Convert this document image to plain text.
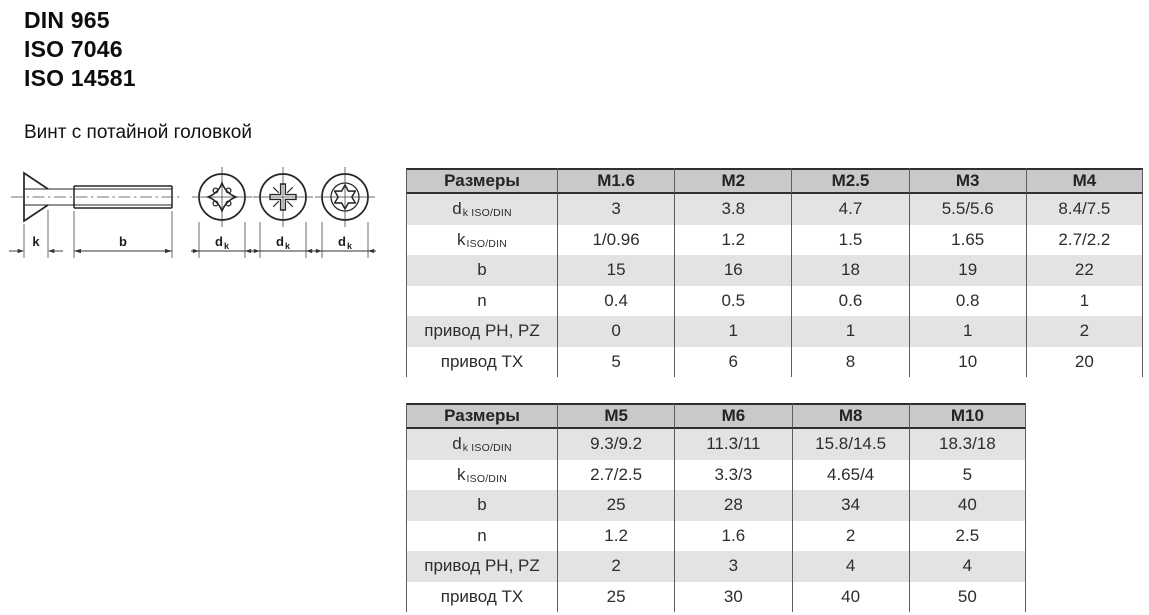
DIN 965
ISO 7046
ISO 14581
Винт с потайной головкой
k	b	d k	d k	d k
Размеры	M1.6	M2	M2.5	M3	M4
d k ISO/DIN	3	3.8	4.7	5.5/5.6	8.4/7.5
k ISO/DIN	1/0.96	1.2	1.5	1.65	2.7/2.2
b	15	16	18	19	22
n	0.4	0.5	0.6	0.8	1
привод PH, PZ	0	1	1	1	2
привод TX	5	6	8	10	20
Размеры	M5	M6	M8	M10
d k ISO/DIN	9.3/9.2	11.3/11	15.8/14.5	18.3/18
k ISO/DIN	2.7/2.5	3.3/3	4.65/4	5
b	25	28	34	40
n	1.2	1.6	2	2.5
привод PH, PZ	2	3	4	4
привод TX	25	30	40	50
